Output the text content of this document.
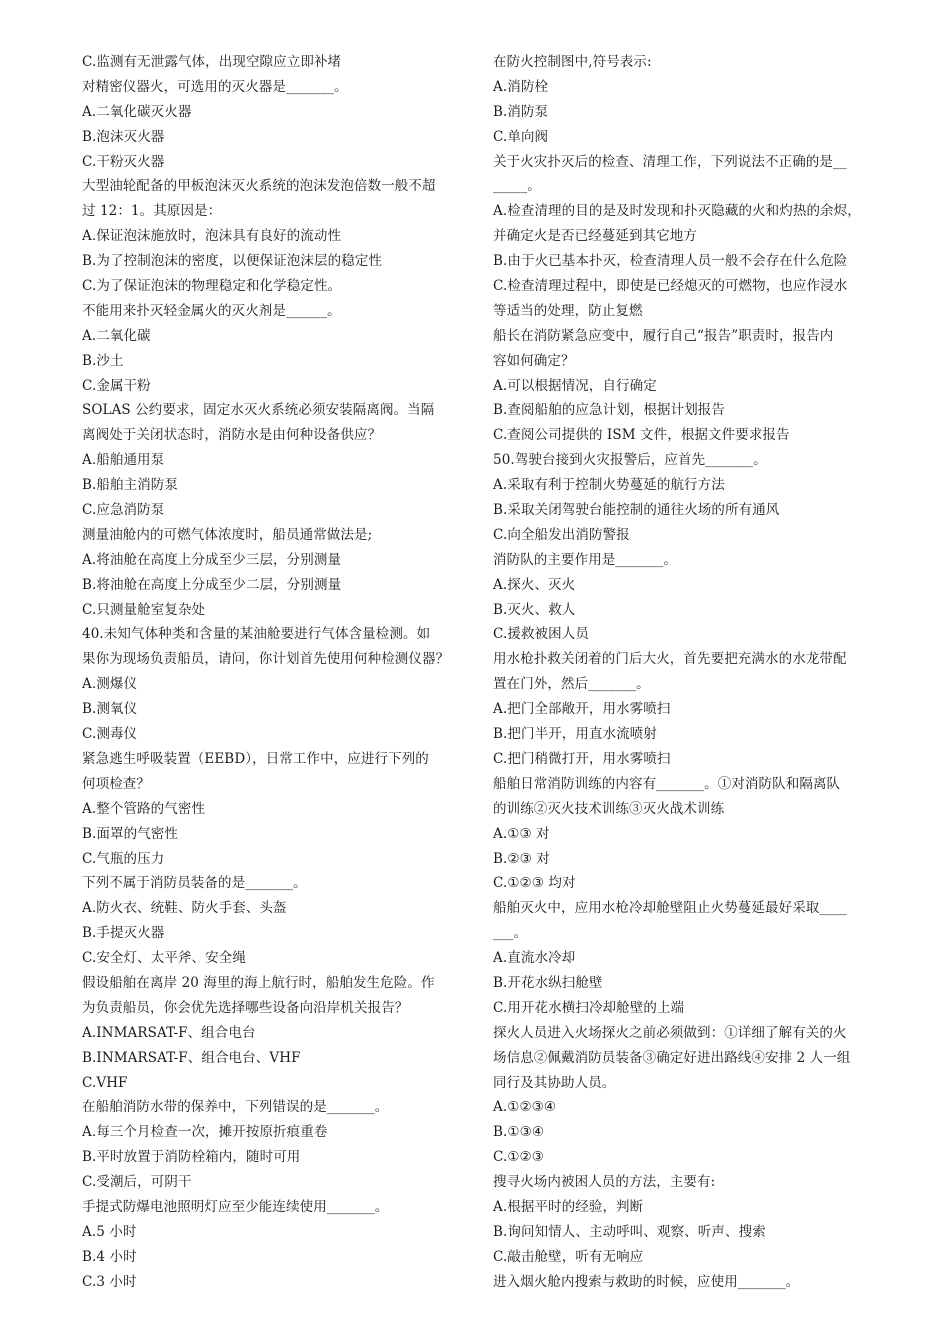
C.监测有无泄露气体，出现空隙应立即补堵
对精密仪器火，可选用的灭火器是_______。
A.二氧化碳灭火器
B.泡沫灭火器
C.干粉灭火器
大型油轮配备的甲板泡沫灭火系统的泡沫发泡倍数一般不超
过 12：1。其原因是：
A.保证泡沫施放时，泡沫具有良好的流动性
B.为了控制泡沫的密度，以便保证泡沫层的稳定性
C.为了保证泡沫的物理稳定和化学稳定性。
不能用来扑灭轻金属火的灭火剂是______。
A.二氧化碳
B.沙土
C.金属干粉
SOLAS 公约要求，固定水灭火系统必须安装隔离阀。当隔
离阀处于关闭状态时，消防水是由何种设备供应？
A.船舶通用泵
B.船舶主消防泵
C.应急消防泵
测量油舱内的可燃气体浓度时，船员通常做法是;
A.将油舱在高度上分成至少三层，分别测量
B.将油舱在高度上分成至少二层，分别测量
C.只测量舱室复杂处
40.未知气体种类和含量的某油舱要进行气体含量检测。如
果你为现场负责船员，请问，你计划首先使用何种检测仪器？
A.测爆仪
B.测氧仪
C.测毒仪
紧急逃生呼吸装置（EEBD），日常工作中，应进行下列的
何项检查？
A.整个管路的气密性
B.面罩的气密性
C.气瓶的压力
下列不属于消防员装备的是_______。
A.防火衣、统鞋、防火手套、头盔
B.手提灭火器
C.安全灯、太平斧、安全绳
假设船舶在离岸 20 海里的海上航行时，船舶发生危险。作
为负责船员，你会优先选择哪些设备向沿岸机关报告？
A.INMARSAT-F、组合电台
B.INMARSAT-F、组合电台、VHF
C.VHF
在船舶消防水带的保养中，下列错误的是_______。
A.每三个月检查一次，摊开按原折痕重卷
B.平时放置于消防栓箱内，随时可用
C.受潮后，可阴干
手提式防爆电池照明灯应至少能连续使用_______。
A.5 小时
B.4 小时
C.3 小时
在防火控制图中,符号表示:
A.消防栓
B.消防泵
C.单向阀
关于火灾扑灭后的检查、清理工作，下列说法不正确的是__
_____。
A.检查清理的目的是及时发现和扑灭隐藏的火和灼热的余烬，
并确定火是否已经蔓延到其它地方
B.由于火已基本扑灭，检查清理人员一般不会存在什么危险
C.检查清理过程中，即使是已经熄灭的可燃物，也应作浸水
等适当的处理，防止复燃
船长在消防紧急应变中，履行自己“报告”职责时，报告内
容如何确定？
A.可以根据情况，自行确定
B.查阅船舶的应急计划，根据计划报告
C.查阅公司提供的 ISM 文件，根据文件要求报告
50.驾驶台接到火灾报警后，应首先_______。
A.采取有利于控制火势蔓延的航行方法
B.采取关闭驾驶台能控制的通往火场的所有通风
C.向全船发出消防警报
消防队的主要作用是_______。
A.探火、灭火
B.灭火、救人
C.援救被困人员
用水枪扑救关闭着的门后大火，首先要把充满水的水龙带配
置在门外，然后_______。
A.把门全部敞开，用水雾喷扫
B.把门半开，用直水流喷射
C.把门稍微打开，用水雾喷扫
船舶日常消防训练的内容有_______。①对消防队和隔离队
的训练②灭火技术训练③灭火战术训练
A.①③ 对
B.②③ 对
C.①②③ 均对
船舶灭火中，应用水枪冷却舱壁阻止火势蔓延最好采取____
___。
A.直流水冷却
B.开花水纵扫舱壁
C.用开花水横扫冷却舱壁的上端
探火人员进入火场探火之前必须做到：①详细了解有关的火
场信息②佩戴消防员装备③确定好进出路线④安排 2 人一组
同行及其协助人员。
A.①②③④
B.①③④
C.①②③
搜寻火场内被困人员的方法，主要有:
A.根据平时的经验，判断
B.询问知情人、主动呼叫、观察、听声、搜索
C.敲击舱壁，听有无响应
进入烟火舱内搜索与救助的时候，应使用_______。
